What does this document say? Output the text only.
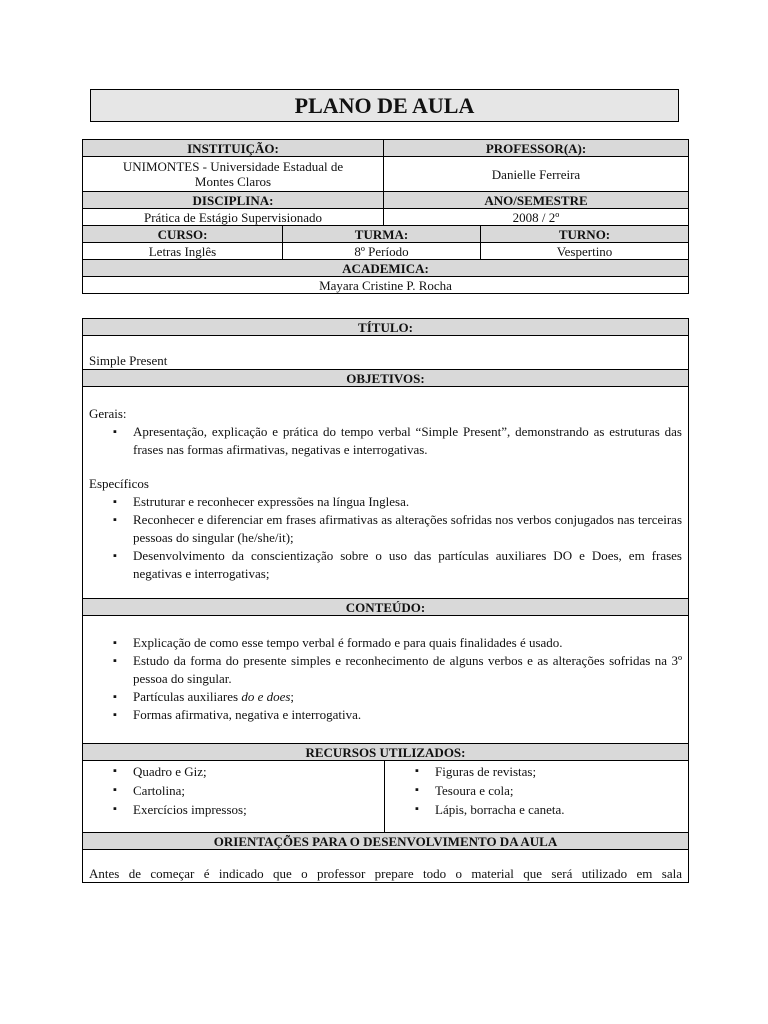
PLANO DE AULA
INSTITUIÇÃO:		PROFESSOR(A):	
UNIMONTES - Universidade Estadual de Montes Claros		Danielle Ferreira	
DISCIPLINA:		ANO/SEMESTRE	
Prática de Estágio Supervisionado		2008 / 2º	
CURSO:	TURMA:		TURNO:
Letras Inglês	8º Período		Vespertino
ACADEMICA:			
Mayara Cristine P. Rocha			
TÍTULO:
Simple Present
OBJETIVOS:

Gerais:

▪ Apresentação, explicação e prática do tempo verbal “Simple Present”, demonstrando as estruturas das frases nas formas afirmativas, negativas e interrogativas.

Específicos

▪ Estruturar e reconhecer expressões na língua Inglesa.
▪ Reconhecer e diferenciar em frases afirmativas as alterações sofridas nos verbos conjugados nas terceiras pessoas do singular (he/she/it);
▪ Desenvolvimento da conscientização sobre o uso das partículas auxiliares DO e Does, em frases negativas e interrogativas;

CONTEÚDO:

▪ Explicação de como esse tempo verbal é formado e para quais finalidades é usado.
▪ Estudo da forma do presente simples e reconhecimento de alguns verbos e as alterações sofridas na 3º pessoa do singular.
▪ Partículas auxiliares do e does;
▪ Formas afirmativa, negativa e interrogativa.

RECURSOS UTILIZADOS:

▪ Quadro e Giz;
▪ Cartolina;
▪ Exercícios impressos;

▪ Figuras de revistas;
▪ Tesoura e cola;
▪ Lápis, borracha e caneta.

ORIENTAÇÕES PARA O DESENVOLVIMENTO DA AULA
Antes de começar é indicado que o professor prepare todo o material que será utilizado em sala
